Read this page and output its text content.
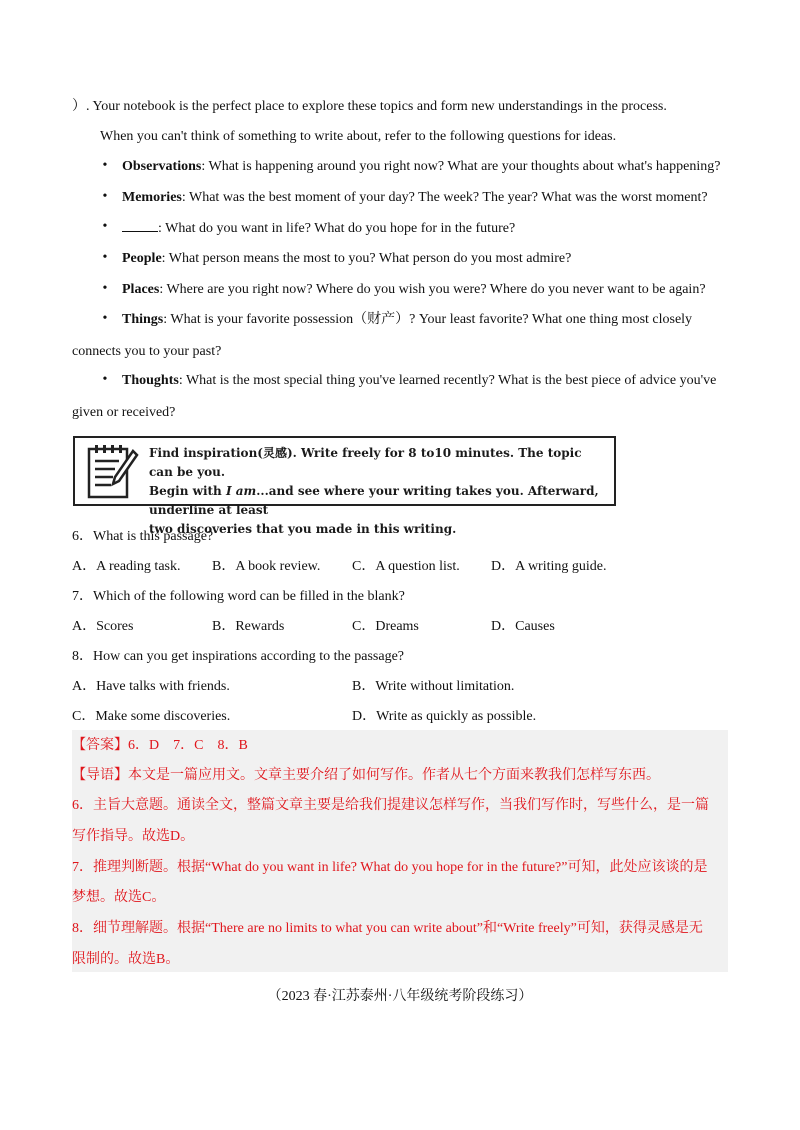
）. Your notebook is the perfect place to explore these topics and form new understandings in the process.
When you can't think of something to write about, refer to the following questions for ideas.
• Observations: What is happening around you right now? What are your thoughts about what's happening?
• Memories: What was the best moment of your day? The week? The year? What was the worst moment?
•	: What do you want in life? What do you hope for in the future?
• People: What person means the most to you? What person do you most admire?
• Places: Where are you right now? Where do you wish you were? Where do you never want to be again?
• Things: What is your favorite possession（财产）? Your least favorite? What one thing most closely
connects you to your past?
• Thoughts: What is the most special thing you've learned recently? What is the best piece of advice you've
given or received?
Find inspiration(灵感). Write freely for 8 to10 minutes. The topic can be you.
Begin with I am...and see where your writing takes you. Afterward, underline at least
two discoveries that you made in this writing.
6．What is this passage?
A．A reading task. B．A book review. C．A question list. D．A writing guide.
7．Which of the following word can be filled in the blank?
A．Scores	B．Rewards	C．Dreams	D．Causes
8．How can you get inspirations according to the passage?
A．Have talks with friends.	B．Write without limitation.
C．Make some discoveries.	D．Write as quickly as possible.
【答案】6．D　7．C　8．B
【导语】本文是一篇应用文。文章主要介绍了如何写作。作者从七个方面来教我们怎样写东西。
6．主旨大意题。通读全文，整篇文章主要是给我们提建议怎样写作，当我们写作时，写些什么，是一篇
写作指导。故选D。
7．推理判断题。根据“What do you want in life? What do you hope for in the future?”可知，此处应该谈的是
梦想。故选C。
8．细节理解题。根据“There are no limits to what you can write about”和“Write freely”可知，获得灵感是无
限制的。故选B。
（2023 春·江苏泰州·八年级统考阶段练习）
